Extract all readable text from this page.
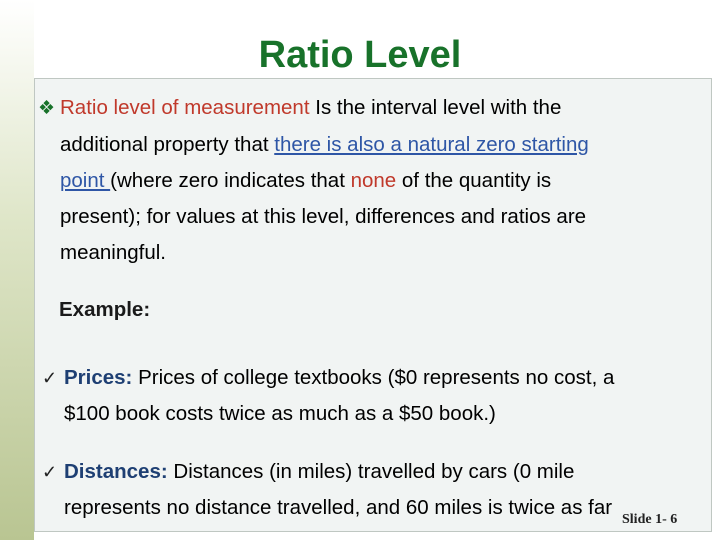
Ratio Level
❖ Ratio level of measurement Is the interval level with the
additional property that there is also a natural zero starting
point (where zero indicates that none of the quantity is
present); for values at this level, differences and ratios are
meaningful.
Example:
✓ Prices: Prices of college textbooks ($0 represents no cost, a
$100 book costs twice as much as a $50 book.)
✓ Distances: Distances (in miles) travelled by cars (0 mile
represents no distance travelled, and 60 miles is twice as far
Slide 1- 6
